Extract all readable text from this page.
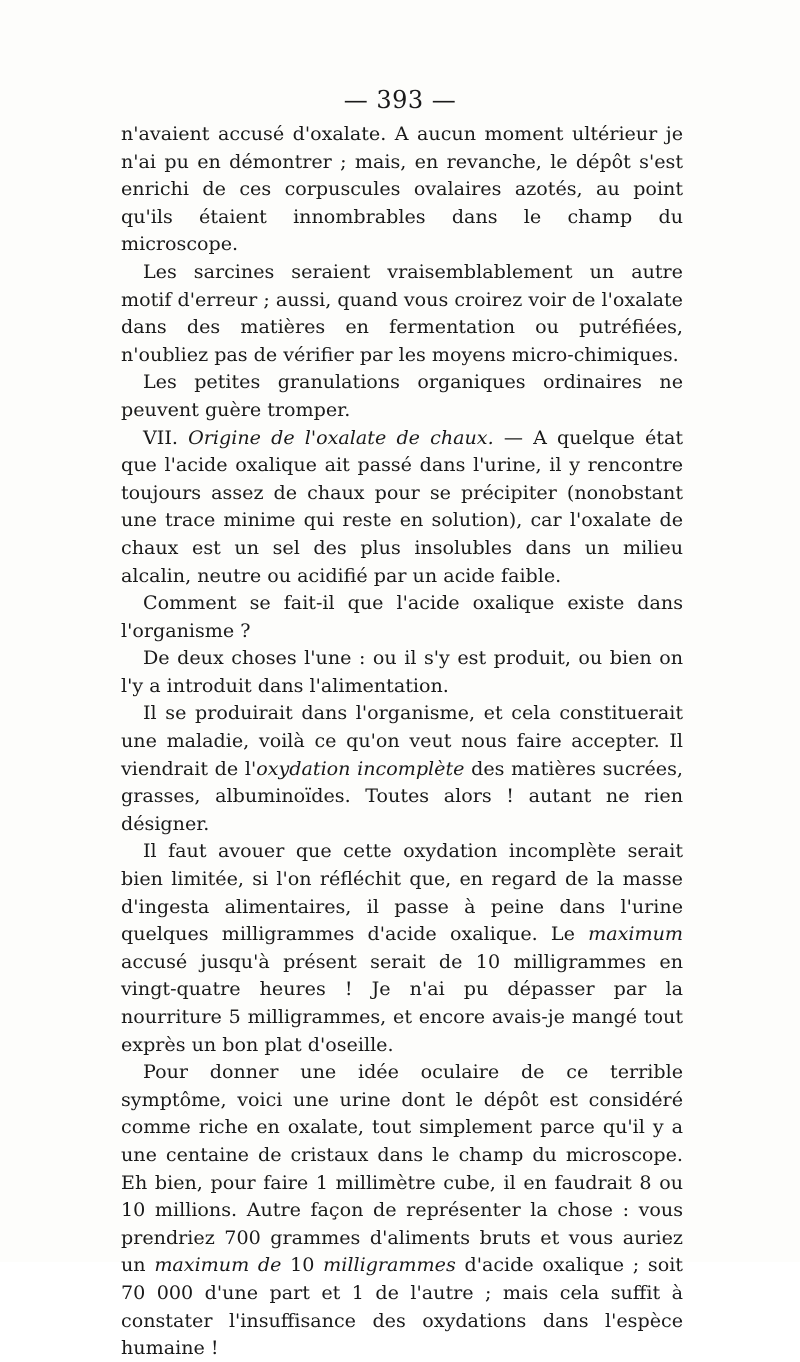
— 393 —

n'avaient accusé d'oxalate. A aucun moment ultérieur je n'ai pu en démontrer ; mais, en revanche, le dépôt s'est enrichi de ces corpuscules ovalaires azotés, au point qu'ils étaient innombrables dans le champ du microscope.

Les sarcines seraient vraisemblablement un autre motif d'erreur ; aussi, quand vous croirez voir de l'oxalate dans des matières en fermentation ou putréfiées, n'oubliez pas de vérifier par les moyens micro-chimiques.

Les petites granulations organiques ordinaires ne peuvent guère tromper.

VII. Origine de l'oxalate de chaux. — A quelque état que l'acide oxalique ait passé dans l'urine, il y rencontre toujours assez de chaux pour se précipiter (nonobstant une trace minime qui reste en solution), car l'oxalate de chaux est un sel des plus insolubles dans un milieu alcalin, neutre ou acidifié par un acide faible.

Comment se fait-il que l'acide oxalique existe dans l'organisme ?

De deux choses l'une : ou il s'y est produit, ou bien on l'y a introduit dans l'alimentation.

Il se produirait dans l'organisme, et cela constituerait une maladie, voilà ce qu'on veut nous faire accepter. Il viendrait de l'oxydation incomplète des matières sucrées, grasses, albuminoïdes. Toutes alors ! autant ne rien désigner.

Il faut avouer que cette oxydation incomplète serait bien limitée, si l'on réfléchit que, en regard de la masse d'ingesta alimentaires, il passe à peine dans l'urine quelques milligrammes d'acide oxalique. Le maximum accusé jusqu'à présent serait de 10 milligrammes en vingt-quatre heures ! Je n'ai pu dépasser par la nourriture 5 milligrammes, et encore avais-je mangé tout exprès un bon plat d'oseille.

Pour donner une idée oculaire de ce terrible symptôme, voici une urine dont le dépôt est considéré comme riche en oxalate, tout simplement parce qu'il y a une centaine de cristaux dans le champ du microscope. Eh bien, pour faire 1 millimètre cube, il en faudrait 8 ou 10 millions. Autre façon de représenter la chose : vous prendriez 700 grammes d'aliments bruts et vous auriez un maximum de 10 milligrammes d'acide oxalique ; soit 70 000 d'une part et 1 de l'autre ; mais cela suffit à constater l'insuffisance des oxydations dans l'espèce humaine !
